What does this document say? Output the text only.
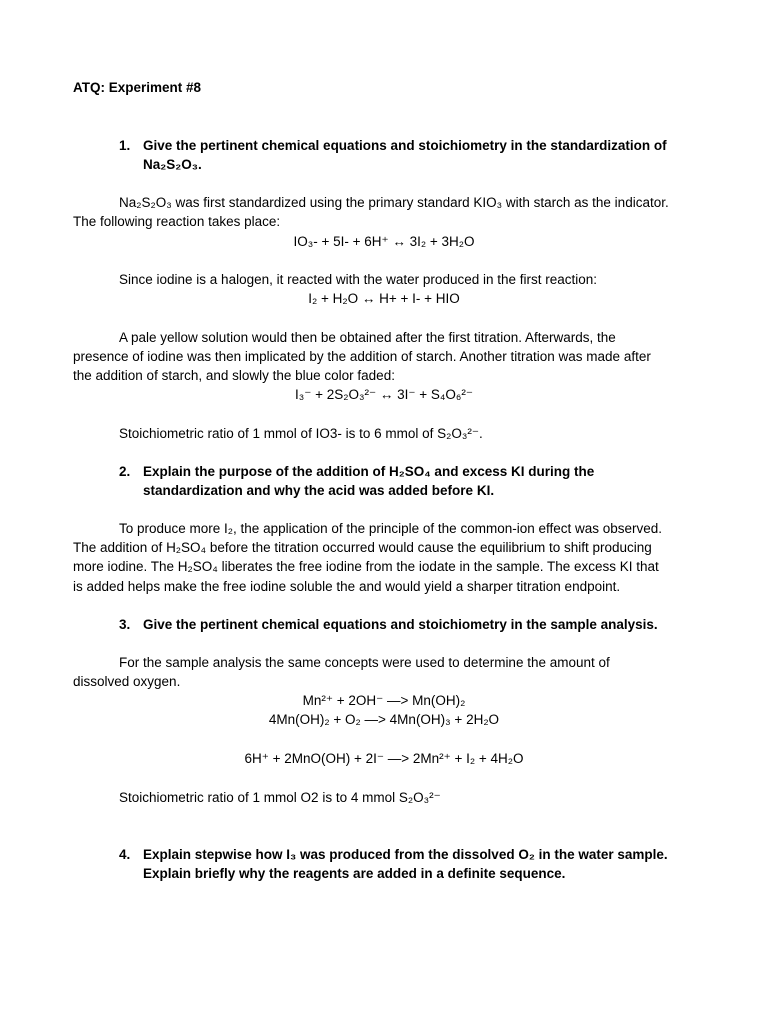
ATQ: Experiment #8
1. Give the pertinent chemical equations and stoichiometry in the standardization of
Na₂S₂O₃.
Na₂S₂O₃ was first standardized using the primary standard KIO₃ with starch as the indicator.
The following reaction takes place:
IO₃- + 5I- + 6H⁺ ↔ 3I₂ + 3H₂O
Since iodine is a halogen, it reacted with the water produced in the first reaction:
I₂ + H₂O ↔ H+ + I- + HIO
A pale yellow solution would then be obtained after the first titration. Afterwards, the
presence of iodine was then implicated by the addition of starch. Another titration was made after
the addition of starch, and slowly the blue color faded:
I₃⁻ + 2S₂O₃²⁻ ↔ 3I⁻ + S₄O₆²⁻
Stoichiometric ratio of 1 mmol of IO3- is to 6 mmol of S₂O₃²⁻.
2. Explain the purpose of the addition of H₂SO₄ and excess KI during the
standardization and why the acid was added before KI.
To produce more I₂, the application of the principle of the common-ion effect was observed.
The addition of H₂SO₄ before the titration occurred would cause the equilibrium to shift producing
more iodine. The H₂SO₄ liberates the free iodine from the iodate in the sample. The excess KI that
is added helps make the free iodine soluble the and would yield a sharper titration endpoint.
3. Give the pertinent chemical equations and stoichiometry in the sample analysis.
For the sample analysis the same concepts were used to determine the amount of
dissolved oxygen.
Mn²⁺ + 2OH⁻ —> Mn(OH)₂
4Mn(OH)₂ + O₂ —> 4Mn(OH)₃ + 2H₂O
6H⁺ + 2MnO(OH) + 2I⁻ —> 2Mn²⁺ + I₂ + 4H₂O
Stoichiometric ratio of 1 mmol O2 is to 4 mmol S₂O₃²⁻
4. Explain stepwise how I₃ was produced from the dissolved O₂ in the water sample.
Explain briefly why the reagents are added in a definite sequence.
